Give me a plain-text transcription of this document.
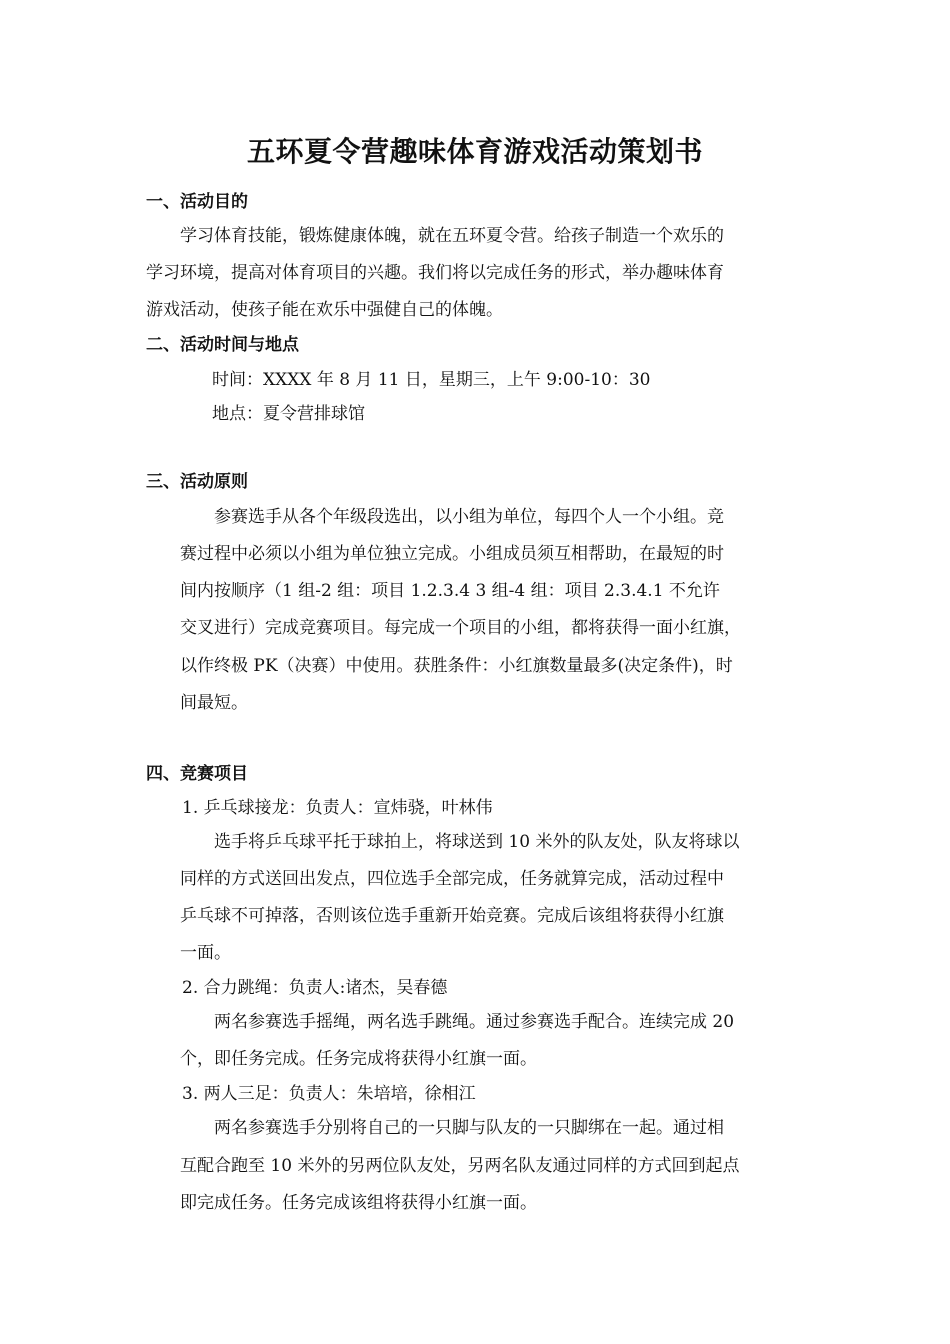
五环夏令营趣味体育游戏活动策划书
一、活动目的
学习体育技能，锻炼健康体魄，就在五环夏令营。给孩子制造一个欢乐的
学习环境，提高对体育项目的兴趣。我们将以完成任务的形式，举办趣味体育
游戏活动，使孩子能在欢乐中强健自己的体魄。
二、活动时间与地点
时间：XXXX 年 8 月 11 日，星期三，上午 9:00-10：30
地点：夏令营排球馆
三、活动原则
参赛选手从各个年级段选出，以小组为单位，每四个人一个小组。竞
赛过程中必须以小组为单位独立完成。小组成员须互相帮助，在最短的时
间内按顺序（1 组-2 组：项目 1.2.3.4 3 组-4 组：项目 2.3.4.1 不允许
交叉进行）完成竞赛项目。每完成一个项目的小组，都将获得一面小红旗，
以作终极 PK（决赛）中使用。获胜条件：小红旗数量最多(决定条件)，时
间最短。
四、竞赛项目
1. 乒乓球接龙：负责人：宣炜骁，叶林伟
选手将乒乓球平托于球拍上，将球送到 10 米外的队友处，队友将球以
同样的方式送回出发点，四位选手全部完成，任务就算完成，活动过程中
乒乓球不可掉落，否则该位选手重新开始竞赛。完成后该组将获得小红旗
一面。
2. 合力跳绳：负责人:诸杰，吴春德
两名参赛选手摇绳，两名选手跳绳。通过参赛选手配合。连续完成 20
个，即任务完成。任务完成将获得小红旗一面。
3. 两人三足：负责人：朱培培，徐相江
两名参赛选手分别将自己的一只脚与队友的一只脚绑在一起。通过相
互配合跑至 10 米外的另两位队友处，另两名队友通过同样的方式回到起点
即完成任务。任务完成该组将获得小红旗一面。
